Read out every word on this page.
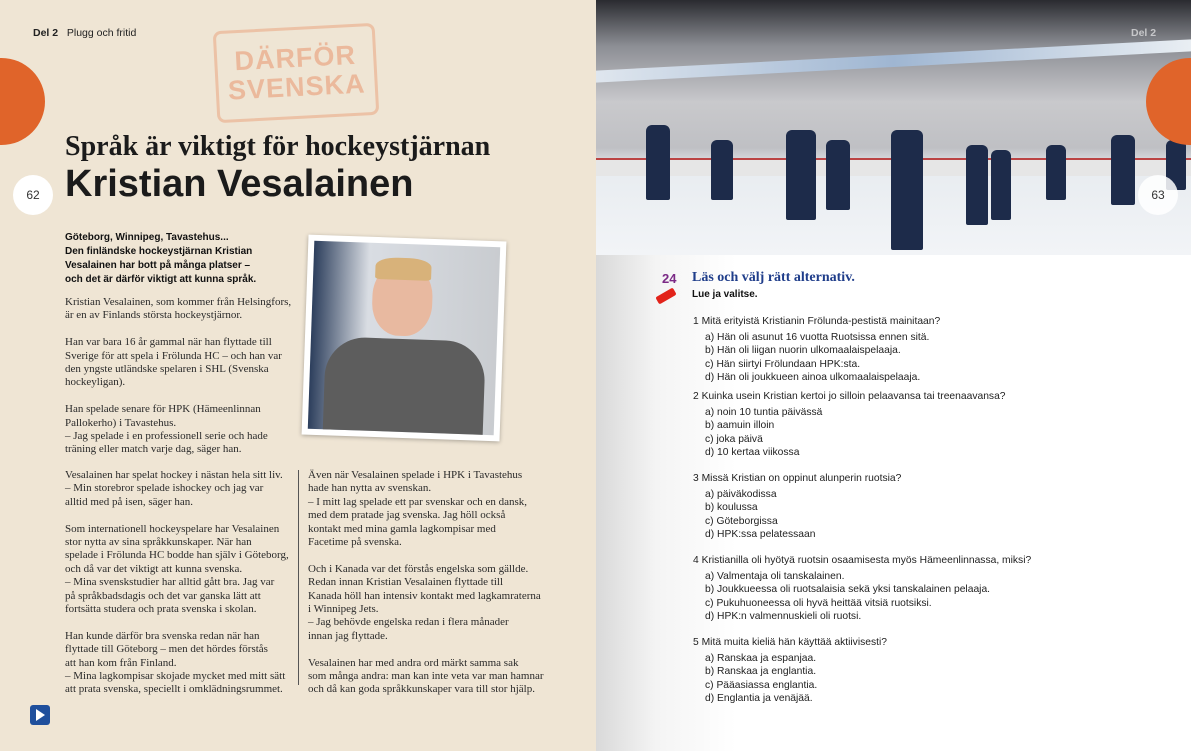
Del 2 Plugg och fritid
62
DÄRFÖR
SVENSKA
Språk är viktigt för hockeystjärnan
Kristian Vesalainen
Göteborg, Winnipeg, Tavastehus...
Den finländske hockeystjärnan Kristian
Vesalainen har bott på många platser –
och det är därför viktigt att kunna språk.

Kristian Vesalainen, som kommer från Helsingfors,
är en av Finlands största hockeystjärnor.

Han var bara 16 år gammal när han flyttade till
Sverige för att spela i Frölunda HC – och han var
den yngste utländske spelaren i SHL (Svenska
hockeyligan).

Han spelade senare för HPK (Hämeenlinnan
Pallokerho) i Tavastehus.
– Jag spelade i en professionell serie och hade
träning eller match varje dag, säger han.

Vesalainen har spelat hockey i nästan hela sitt liv.
– Min storebror spelade ishockey och jag var
alltid med på isen, säger han.

Som internationell hockeyspelare har Vesalainen
stor nytta av sina språkkunskaper. När han
spelade i Frölunda HC bodde han själv i Göteborg,
och då var det viktigt att kunna svenska.
– Mina svenskstudier har alltid gått bra. Jag var
på språkbadsdagis och det var ganska lätt att
fortsätta studera och prata svenska i skolan.

Han kunde därför bra svenska redan när han
flyttade till Göteborg – men det hördes förstås
att han kom från Finland.
– Mina lagkompisar skojade mycket med mitt sätt
att prata svenska, speciellt i omklädningsrummet.

Även när Vesalainen spelade i HPK i Tavastehus
hade han nytta av svenskan.
– I mitt lag spelade ett par svenskar och en dansk,
med dem pratade jag svenska. Jag höll också
kontakt med mina gamla lagkompisar med
Facetime på svenska.

Och i Kanada var det förstås engelska som gällde.
Redan innan Kristian Vesalainen flyttade till
Kanada höll han intensiv kontakt med lagkamraterna
i Winnipeg Jets.
– Jag behövde engelska redan i flera månader
innan jag flyttade.

Vesalainen har med andra ord märkt samma sak
som många andra: man kan inte veta var man hamnar
och då kan goda språkkunskaper vara till stor hjälp.

Del 2
63
24 Läs och välj rätt alternativ.
Lue ja valitse.
1 Mitä erityistä Kristianin Frölunda-pestistä mainitaan?
a) Hän oli asunut 16 vuotta Ruotsissa ennen sitä.
b) Hän oli liigan nuorin ulkomaalaispelaaja.
c) Hän siirtyi Frölundaan HPK:sta.
d) Hän oli joukkueen ainoa ulkomaalaispelaaja.
2 Kuinka usein Kristian kertoi jo silloin pelaavansa tai treenaavansa?
a) noin 10 tuntia päivässä
b) aamuin illoin
c) joka päivä
d) 10 kertaa viikossa
3 Missä Kristian on oppinut alunperin ruotsia?
a) päiväkodissa
b) koulussa
c) Göteborgissa
d) HPK:ssa pelatessaan
4 Kristianilla oli hyötyä ruotsin osaamisesta myös Hämeenlinnassa, miksi?
a) Valmentaja oli tanskalainen.
b) Joukkueessa oli ruotsalaisia sekä yksi tanskalainen pelaaja.
c) Pukuhuoneessa oli hyvä heittää vitsiä ruotsiksi.
d) HPK:n valmennuskieli oli ruotsi.
5 Mitä muita kieliä hän käyttää aktiivisesti?
a) Ranskaa ja espanjaa.
b) Ranskaa ja englantia.
c) Pääasiassa englantia.
d) Englantia ja venäjää.
